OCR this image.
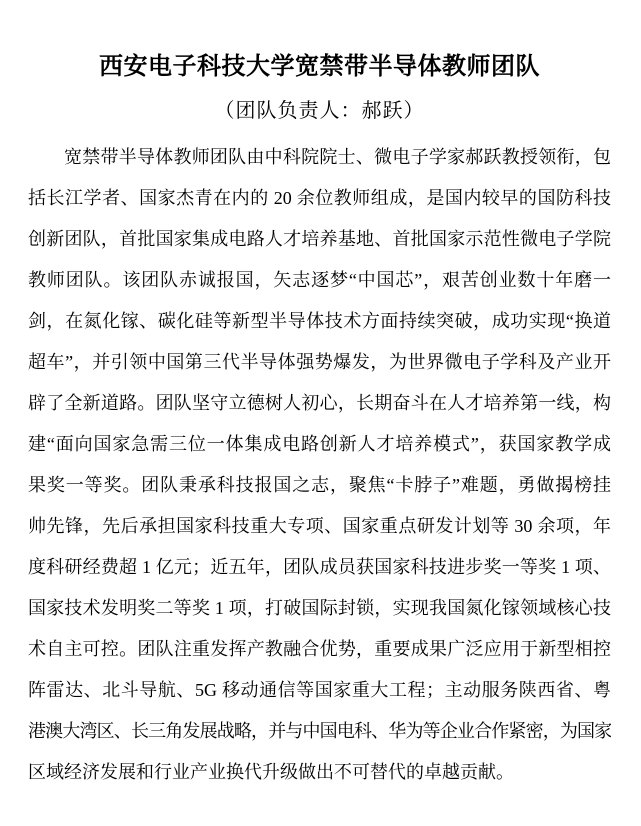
西安电子科技大学宽禁带半导体教师团队
（团队负责人：郝跃）
宽禁带半导体教师团队由中科院院士、微电子学家郝跃教授领衔，包
括长江学者、国家杰青在内的 20 余位教师组成，是国内较早的国防科技
创新团队，首批国家集成电路人才培养基地、首批国家示范性微电子学院
教师团队。该团队赤诚报国，矢志逐梦“中国芯”，艰苦创业数十年磨一
剑，在氮化镓、碳化硅等新型半导体技术方面持续突破，成功实现“换道
超车”，并引领中国第三代半导体强势爆发，为世界微电子学科及产业开
辟了全新道路。团队坚守立德树人初心，长期奋斗在人才培养第一线，构
建“面向国家急需三位一体集成电路创新人才培养模式”，获国家教学成
果奖一等奖。团队秉承科技报国之志，聚焦“卡脖子”难题，勇做揭榜挂
帅先锋，先后承担国家科技重大专项、国家重点研发计划等 30 余项，年
度科研经费超 1 亿元；近五年，团队成员获国家科技进步奖一等奖 1 项、
国家技术发明奖二等奖 1 项，打破国际封锁，实现我国氮化镓领域核心技
术自主可控。团队注重发挥产教融合优势，重要成果广泛应用于新型相控
阵雷达、北斗导航、5G 移动通信等国家重大工程；主动服务陕西省、粤
港澳大湾区、长三角发展战略，并与中国电科、华为等企业合作紧密，为国家
区域经济发展和行业产业换代升级做出不可替代的卓越贡献。
